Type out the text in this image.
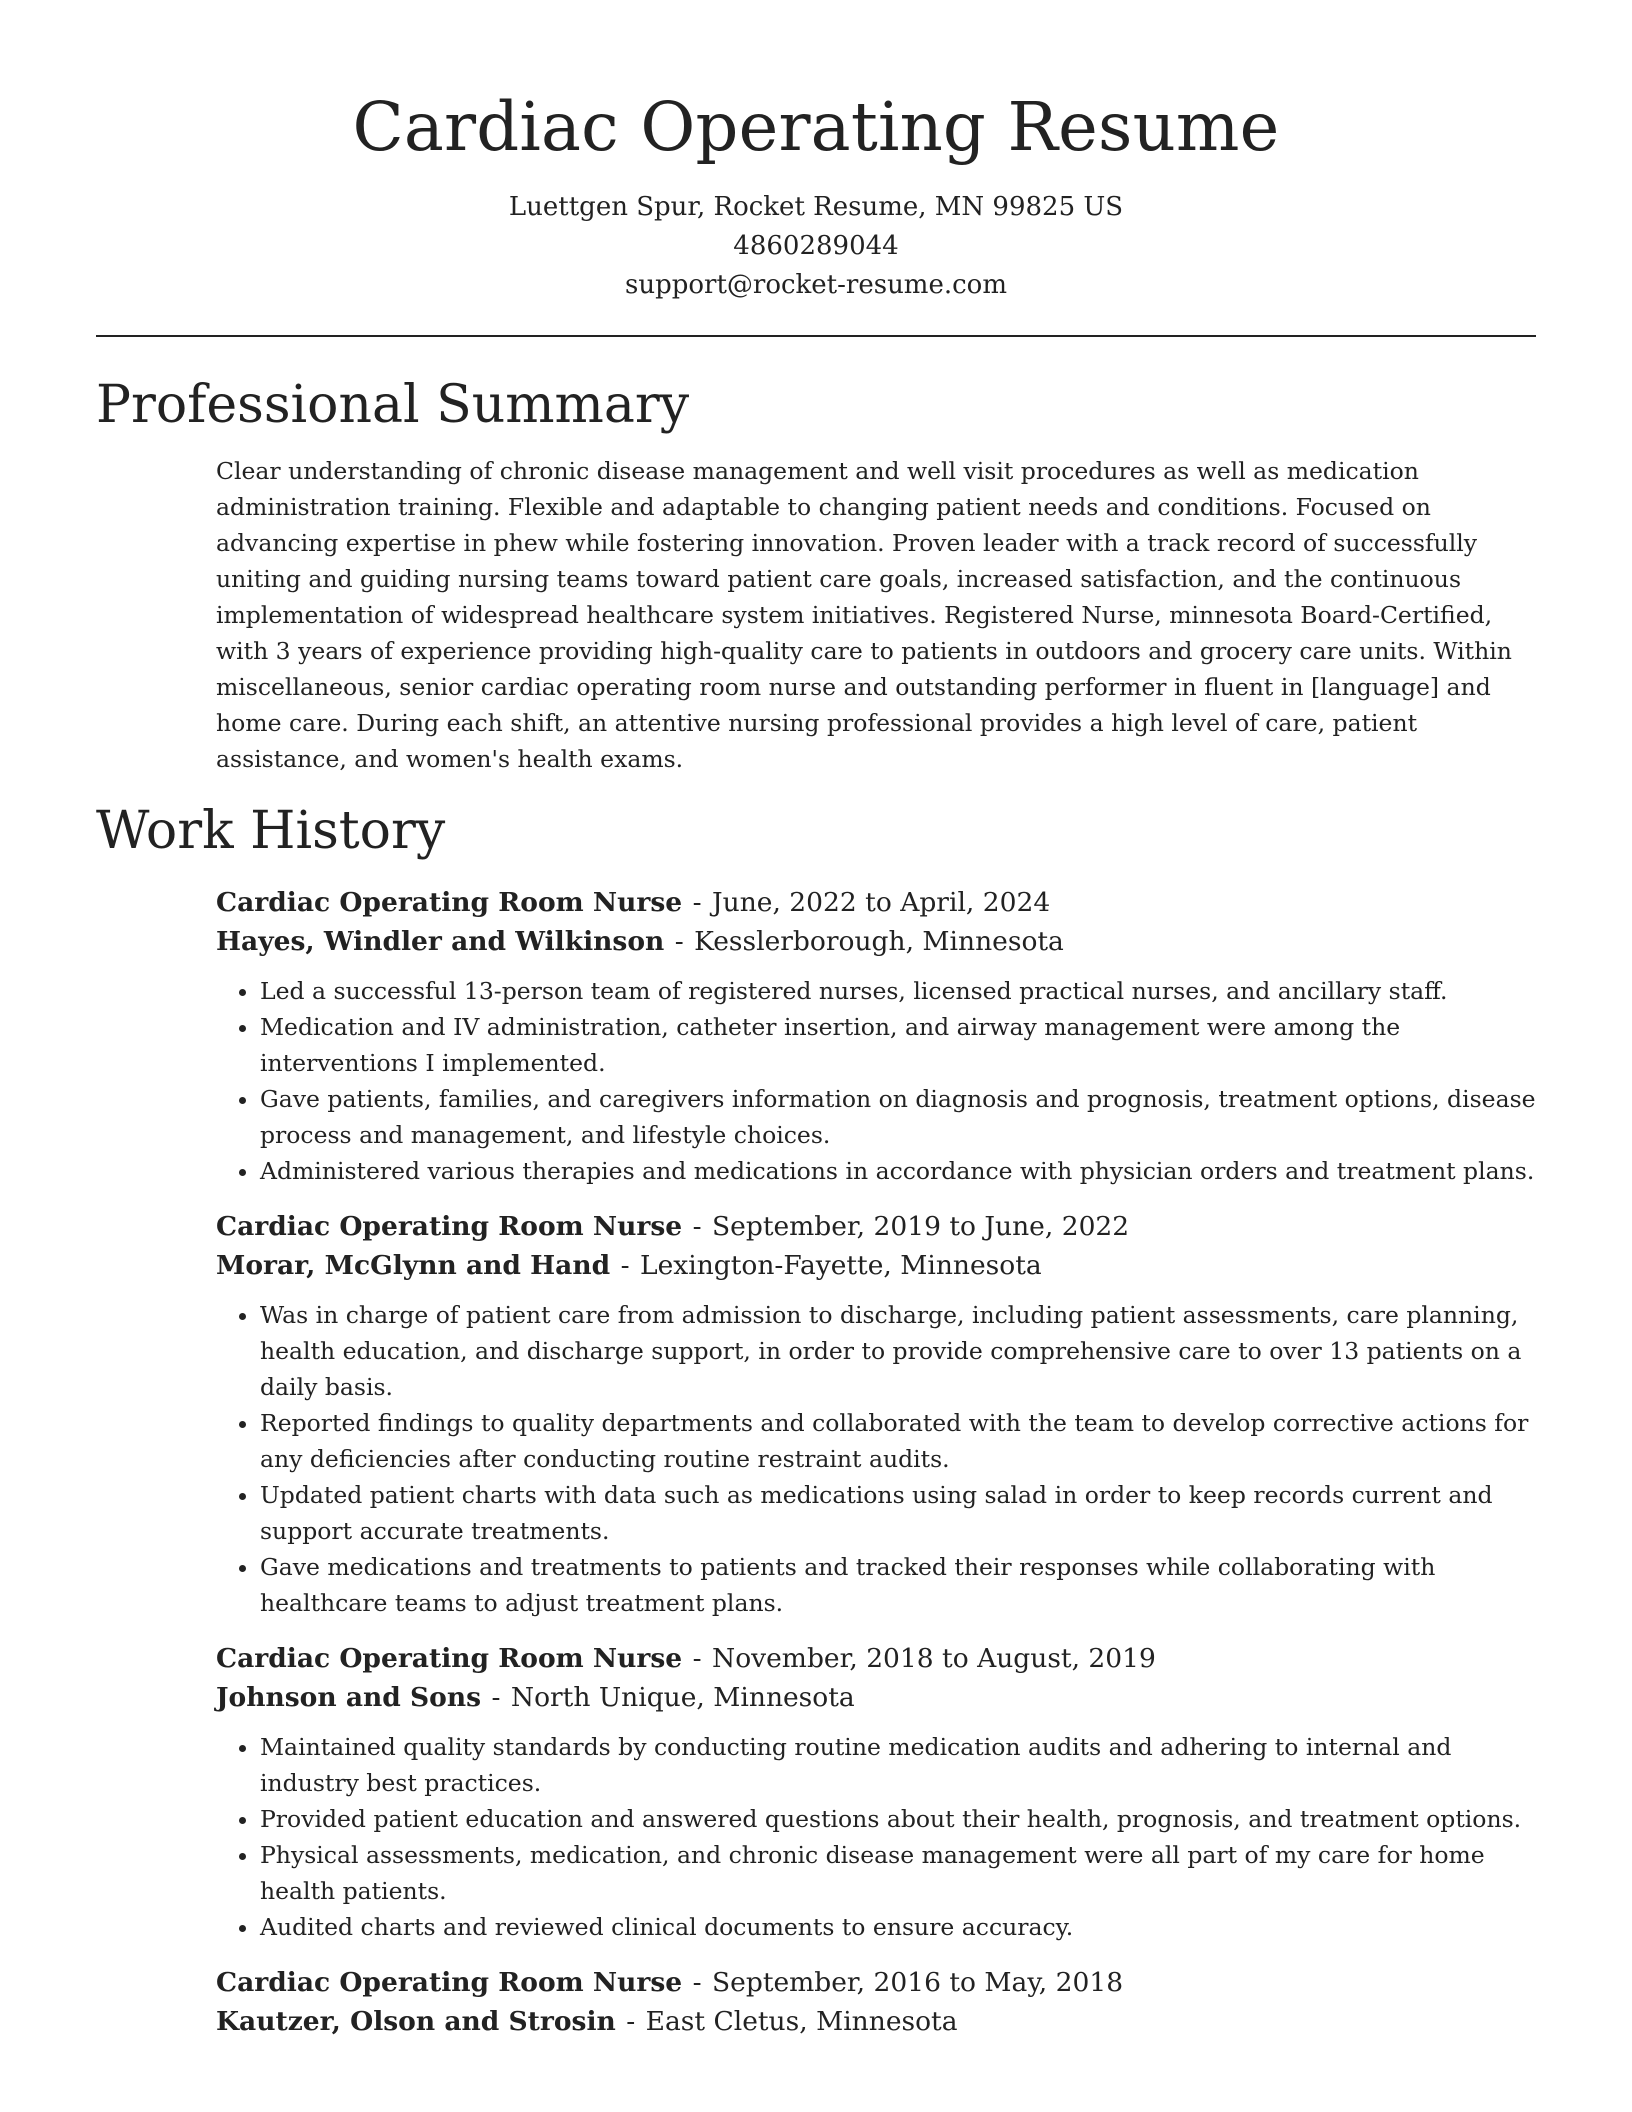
Cardiac Operating Resume
Luettgen Spur, Rocket Resume, MN 99825 US
4860289044
support@rocket-resume.com
Professional Summary

Clear understanding of chronic disease management and well visit procedures as well as medication administration training. Flexible and adaptable to changing patient needs and conditions. Focused on advancing expertise in phew while fostering innovation. Proven leader with a track record of successfully uniting and guiding nursing teams toward patient care goals, increased satisfaction, and the continuous implementation of widespread healthcare system initiatives. Registered Nurse, minnesota Board-Certified, with 3 years of experience providing high-quality care to patients in outdoors and grocery care units. Within miscellaneous, senior cardiac operating room nurse and outstanding performer in fluent in [language] and home care. During each shift, an attentive nursing professional provides a high level of care, patient assistance, and women's health exams.

Work History
Cardiac Operating Room Nurse - June, 2022 to April, 2024
Hayes, Windler and Wilkinson - Kesslerborough, Minnesota
• Led a successful 13-person team of registered nurses, licensed practical nurses, and ancillary staff.
• Medication and IV administration, catheter insertion, and airway management were among the interventions I implemented.
• Gave patients, families, and caregivers information on diagnosis and prognosis, treatment options, disease process and management, and lifestyle choices.
• Administered various therapies and medications in accordance with physician orders and treatment plans.
Cardiac Operating Room Nurse - September, 2019 to June, 2022
Morar, McGlynn and Hand - Lexington-Fayette, Minnesota
• Was in charge of patient care from admission to discharge, including patient assessments, care planning, health education, and discharge support, in order to provide comprehensive care to over 13 patients on a daily basis.
• Reported findings to quality departments and collaborated with the team to develop corrective actions for any deficiencies after conducting routine restraint audits.
• Updated patient charts with data such as medications using salad in order to keep records current and support accurate treatments.
• Gave medications and treatments to patients and tracked their responses while collaborating with healthcare teams to adjust treatment plans.
Cardiac Operating Room Nurse - November, 2018 to August, 2019
Johnson and Sons - North Unique, Minnesota
• Maintained quality standards by conducting routine medication audits and adhering to internal and industry best practices.
• Provided patient education and answered questions about their health, prognosis, and treatment options.
• Physical assessments, medication, and chronic disease management were all part of my care for home health patients.
• Audited charts and reviewed clinical documents to ensure accuracy.
Cardiac Operating Room Nurse - September, 2016 to May, 2018
Kautzer, Olson and Strosin - East Cletus, Minnesota
